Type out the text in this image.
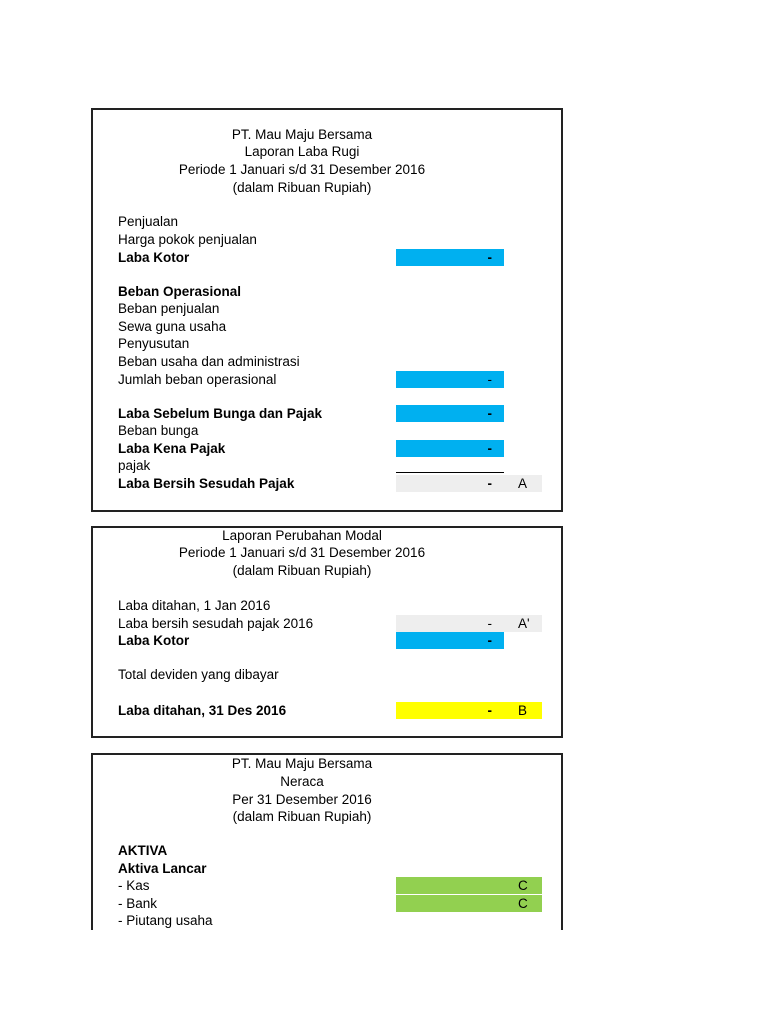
PT. Mau Maju Bersama
Laporan Laba Rugi
Periode 1 Januari s/d 31 Desember 2016
(dalam Ribuan Rupiah)
Penjualan
Harga pokok penjualan
Laba Kotor	-
Beban Operasional
Beban penjualan
Sewa guna usaha
Penyusutan
Beban usaha dan administrasi
Jumlah beban operasional	-
Laba Sebelum Bunga dan Pajak	-
Beban bunga
Laba Kena Pajak	-
pajak
Laba Bersih Sesudah Pajak	-	A
Laporan Perubahan Modal
Periode 1 Januari s/d 31 Desember 2016
(dalam Ribuan Rupiah)
Laba ditahan, 1 Jan 2016
Laba bersih sesudah pajak 2016	-	A'
Laba Kotor	-
Total deviden yang dibayar
Laba ditahan, 31 Des 2016	-	B
PT. Mau Maju Bersama
Neraca
Per 31 Desember 2016
(dalam Ribuan Rupiah)
AKTIVA
Aktiva Lancar
- Kas	C
- Bank	C
- Piutang usaha
